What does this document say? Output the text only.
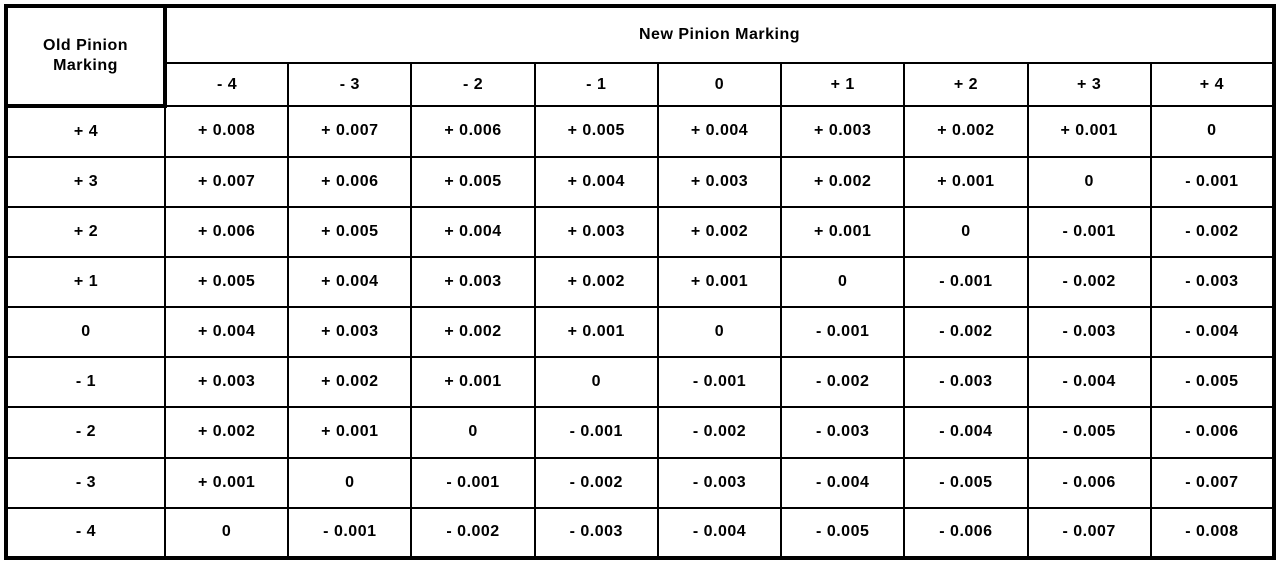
Old Pinion
Marking	New Pinion Marking								
	- 4	- 3	- 2	- 1	0	+ 1	+ 2	+ 3	+ 4
+ 4	+ 0.008	+ 0.007	+ 0.006	+ 0.005	+ 0.004	+ 0.003	+ 0.002	+ 0.001	0
+ 3	+ 0.007	+ 0.006	+ 0.005	+ 0.004	+ 0.003	+ 0.002	+ 0.001	0	- 0.001
+ 2	+ 0.006	+ 0.005	+ 0.004	+ 0.003	+ 0.002	+ 0.001	0	- 0.001	- 0.002
+ 1	+ 0.005	+ 0.004	+ 0.003	+ 0.002	+ 0.001	0	- 0.001	- 0.002	- 0.003
0	+ 0.004	+ 0.003	+ 0.002	+ 0.001	0	- 0.001	- 0.002	- 0.003	- 0.004
- 1	+ 0.003	+ 0.002	+ 0.001	0	- 0.001	- 0.002	- 0.003	- 0.004	- 0.005
- 2	+ 0.002	+ 0.001	0	- 0.001	- 0.002	- 0.003	- 0.004	- 0.005	- 0.006
- 3	+ 0.001	0	- 0.001	- 0.002	- 0.003	- 0.004	- 0.005	- 0.006	- 0.007
- 4	0	- 0.001	- 0.002	- 0.003	- 0.004	- 0.005	- 0.006	- 0.007	- 0.008
